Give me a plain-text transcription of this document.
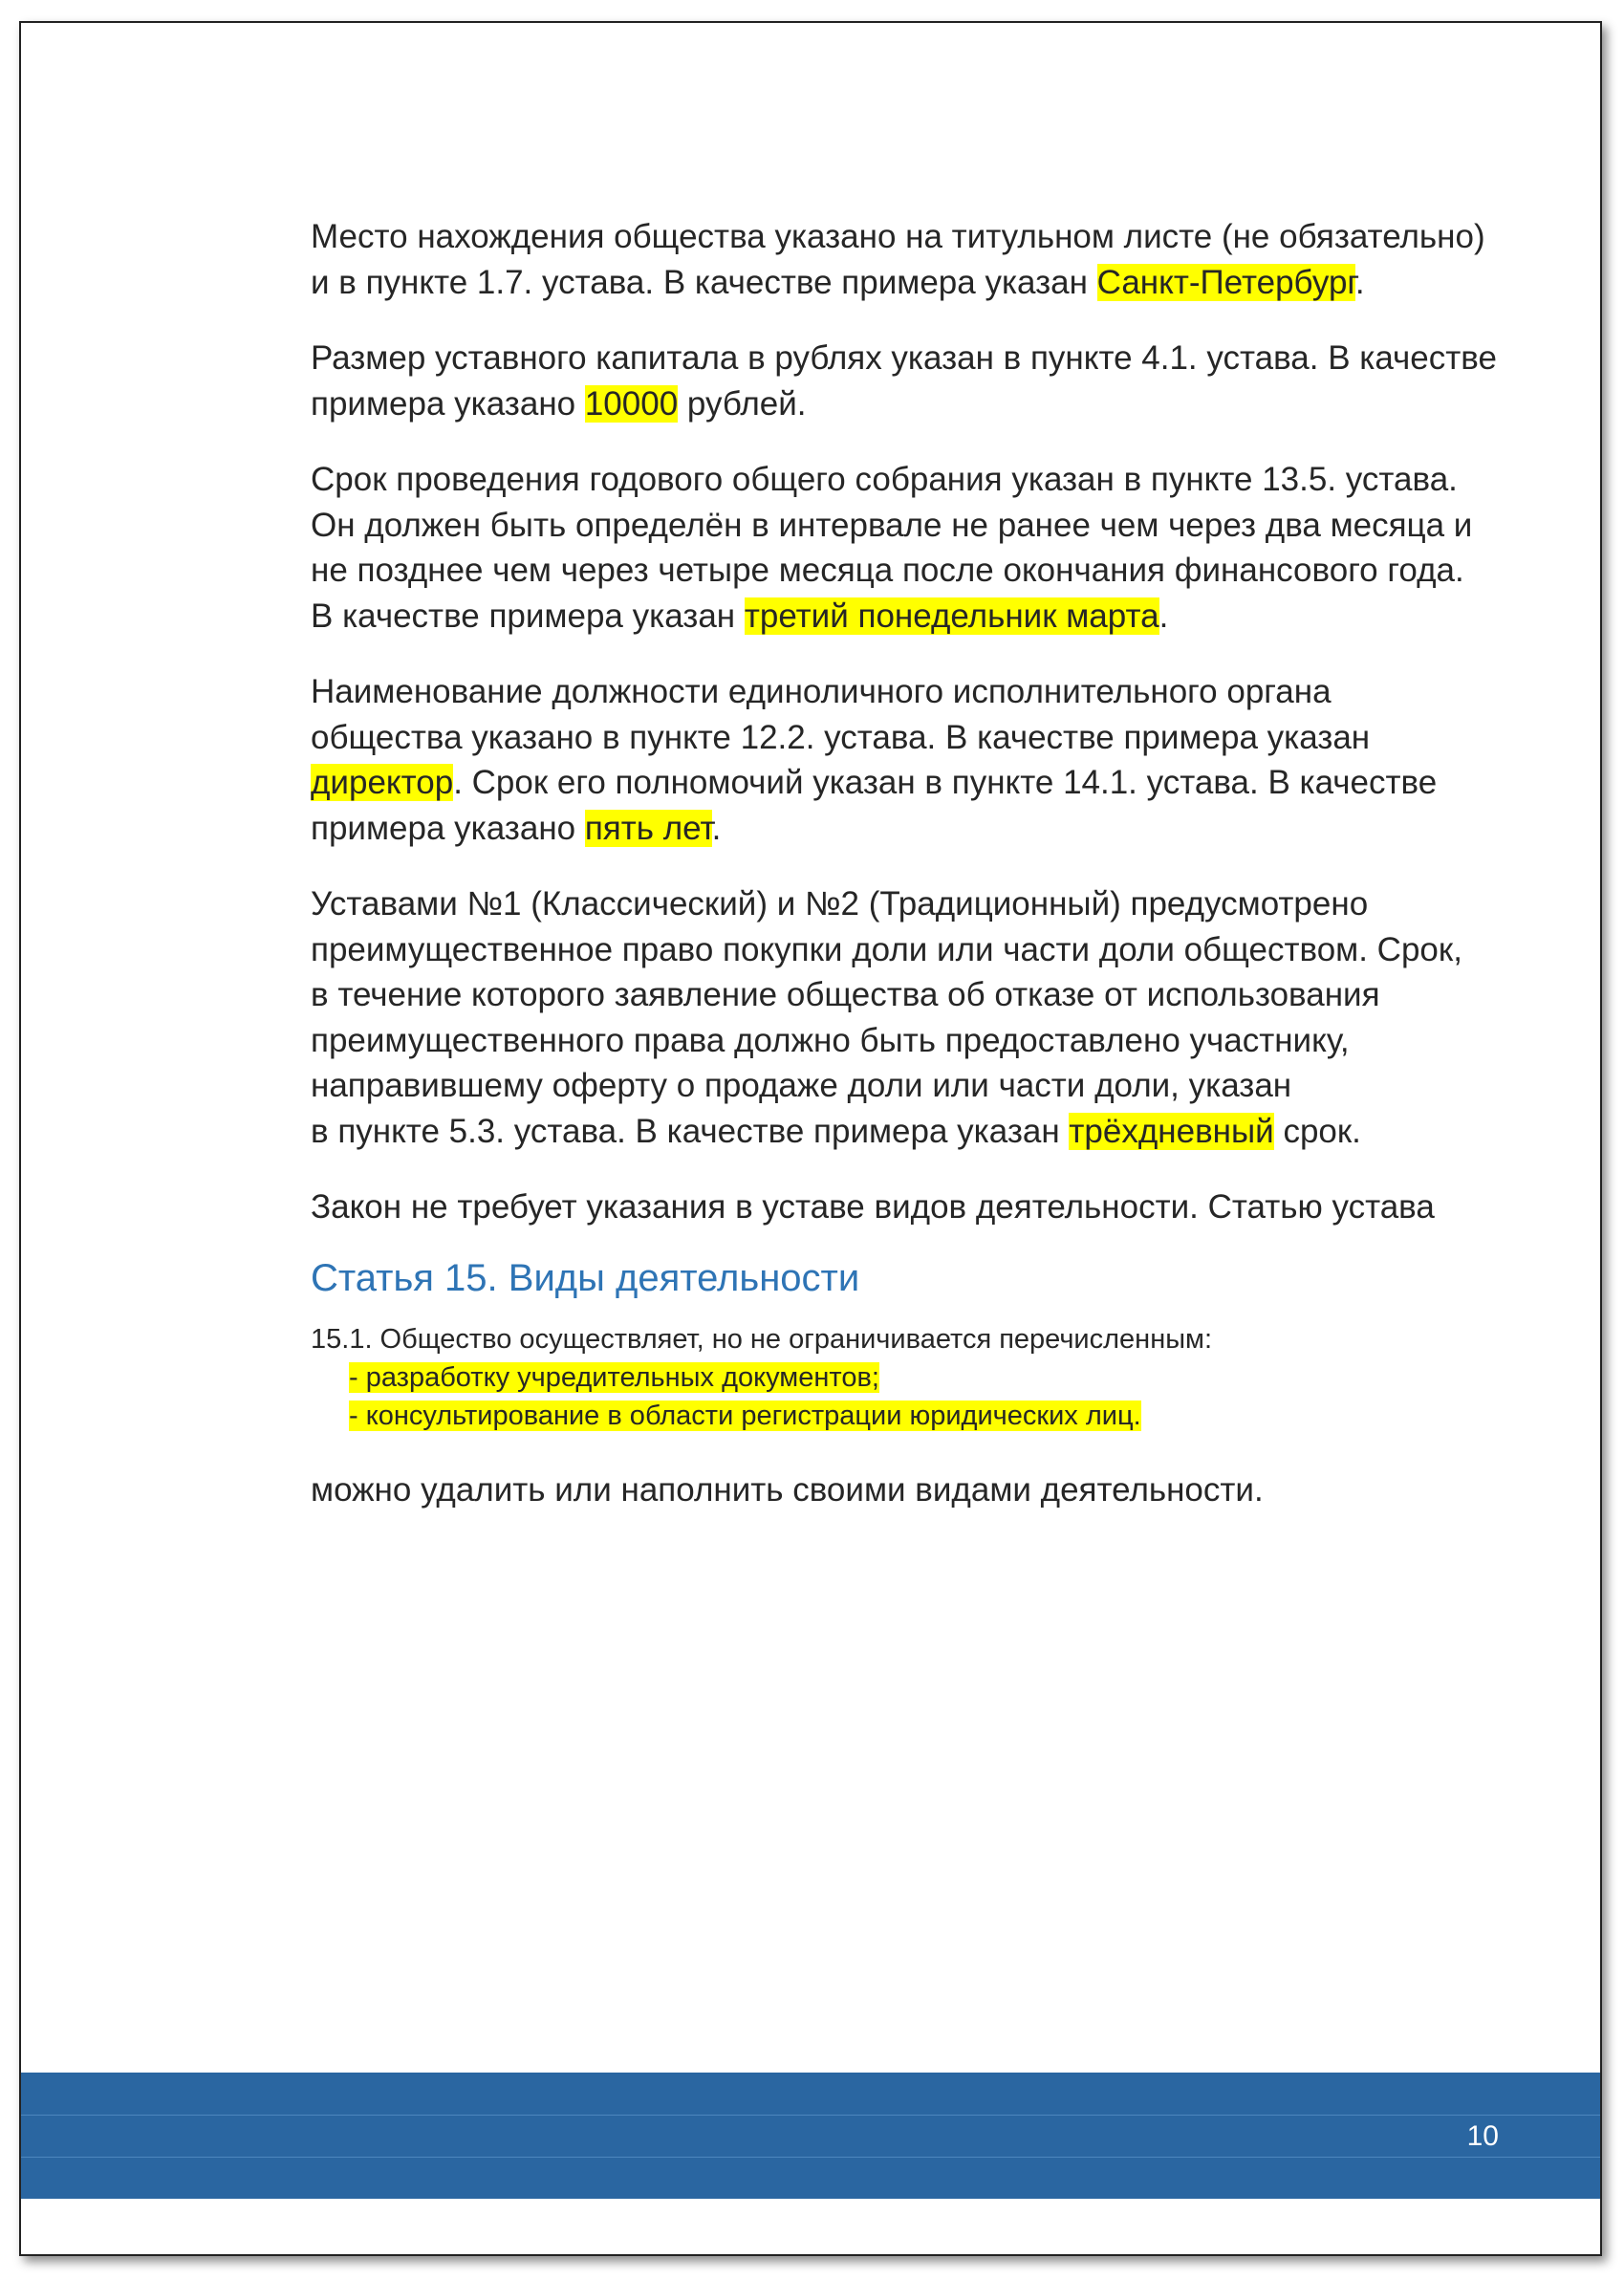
Место нахождения общества указано на титульном листе (не обязательно)
и в пункте 1.7. устава. В качестве примера указан Санкт-Петербург.

Размер уставного капитала в рублях указан в пункте 4.1. устава. В качестве
примера указано 10000 рублей.

Срок проведения годового общего собрания указан в пункте 13.5. устава.
Он должен быть определён в интервале не ранее чем через два месяца и
не позднее чем через четыре месяца после окончания финансового года.
В качестве примера указан третий понедельник марта.

Наименование должности единоличного исполнительного органа
общества указано в пункте 12.2. устава. В качестве примера указан
директор. Срок его полномочий указан в пункте 14.1. устава. В качестве
примера указано пять лет.

Уставами №1 (Классический) и №2 (Традиционный) предусмотрено
преимущественное право покупки доли или части доли обществом. Срок,
в течение которого заявление общества об отказе от использования
преимущественного права должно быть предоставлено участнику,
направившему оферту о продаже доли или части доли, указан
в пункте 5.3. устава. В качестве примера указан трёхдневный срок.

Закон не требует указания в уставе видов деятельности. Статью устава

Статья 15. Виды деятельности

15.1. Общество осуществляет, но не ограничивается перечисленным:

- разработку учредительных документов;
- консультирование в области регистрации юридических лиц.

можно удалить или наполнить своими видами деятельности.

10
